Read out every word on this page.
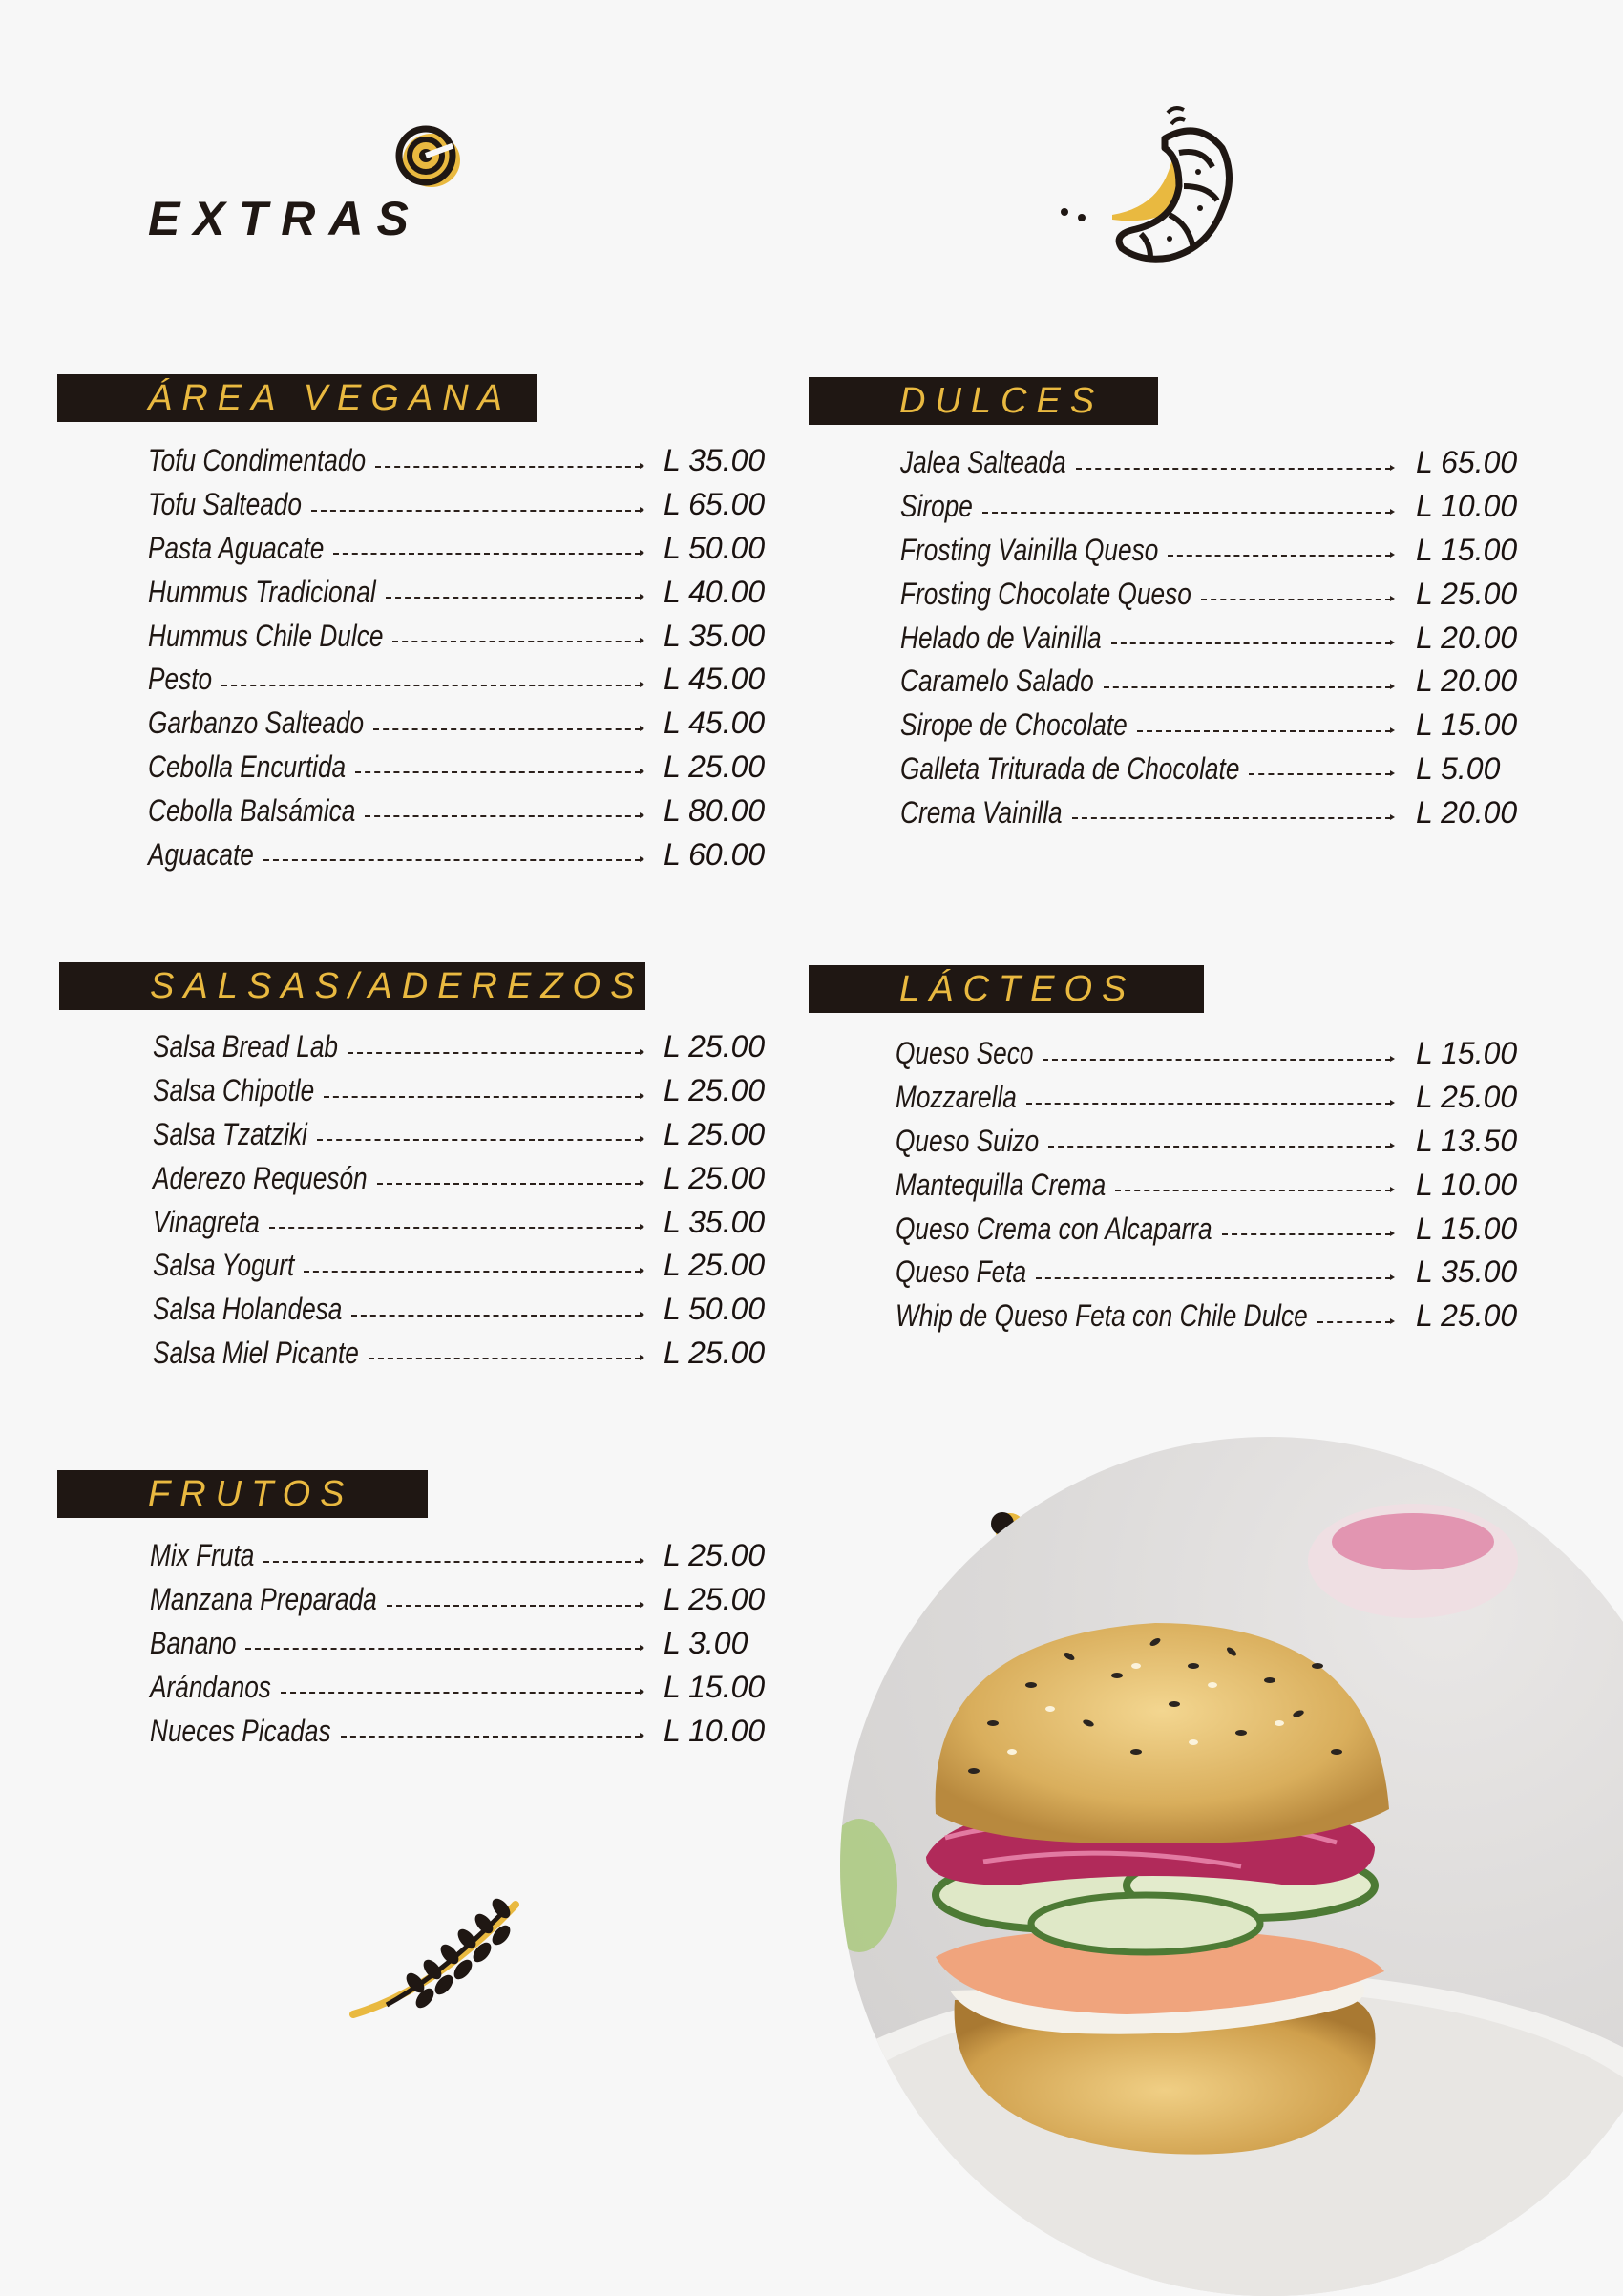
EXTRAS
ÁREA VEGANA
Tofu Condimentado	L 35.00
Tofu Salteado	L 65.00
Pasta Aguacate	L 50.00
Hummus Tradicional	L 40.00
Hummus Chile Dulce	L 35.00
Pesto	L 45.00
Garbanzo Salteado	L 45.00
Cebolla Encurtida	L 25.00
Cebolla Balsámica	L 80.00
Aguacate	L 60.00
DULCES
Jalea Salteada	L 65.00
Sirope	L 10.00
Frosting Vainilla Queso	L 15.00
Frosting Chocolate Queso	L 25.00
Helado de Vainilla	L 20.00
Caramelo Salado	L 20.00
Sirope de Chocolate	L 15.00
Galleta Triturada de Chocolate	L 5.00
Crema Vainilla	L 20.00
SALSAS/ADEREZOS
Salsa Bread Lab	L 25.00
Salsa Chipotle	L 25.00
Salsa Tzatziki	L 25.00
Aderezo Requesón	L 25.00
Vinagreta	L 35.00
Salsa Yogurt	L 25.00
Salsa Holandesa	L 50.00
Salsa Miel Picante	L 25.00
LÁCTEOS
Queso Seco	L 15.00
Mozzarella	L 25.00
Queso Suizo	L 13.50
Mantequilla Crema	L 10.00
Queso Crema con Alcaparra	L 15.00
Queso Feta	L 35.00
Whip de Queso Feta con Chile Dulce	L 25.00
FRUTOS
Mix Fruta	L 25.00
Manzana Preparada	L 25.00
Banano	L 3.00
Arándanos	L 15.00
Nueces Picadas	L 10.00
